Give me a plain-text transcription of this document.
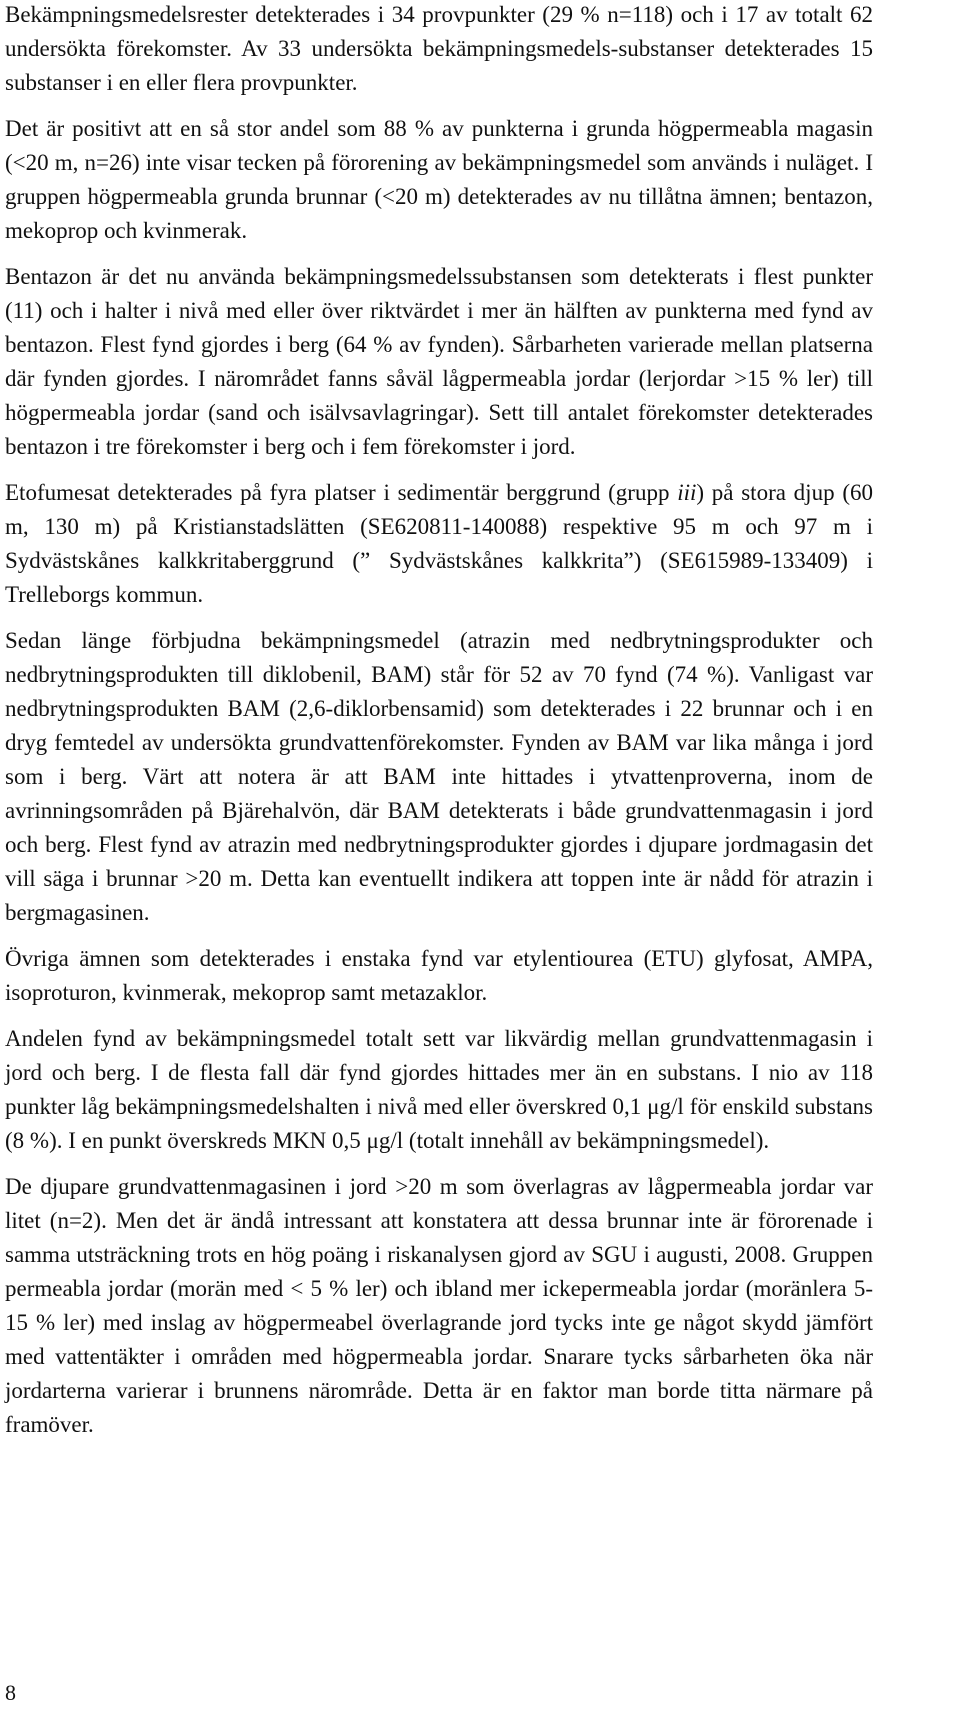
Bekämpningsmedelsrester detekterades i 34 provpunkter (29 % n=118) och i 17 av totalt 62 undersökta förekomster. Av 33 undersökta bekämpningsmedels-substanser detekterades 15 substanser i en eller flera provpunkter.

Det är positivt att en så stor andel som 88 % av punkterna i grunda högpermeabla magasin (<20 m, n=26) inte visar tecken på förorening av bekämpningsmedel som används i nuläget. I gruppen högpermeabla grunda brunnar (<20 m) detekterades av nu tillåtna ämnen; bentazon, mekoprop och kvinmerak.

Bentazon är det nu använda bekämpningsmedelssubstansen som detekterats i flest punkter (11) och i halter i nivå med eller över riktvärdet i mer än hälften av punkterna med fynd av bentazon. Flest fynd gjordes i berg (64 % av fynden). Sårbarheten varierade mellan platserna där fynden gjordes. I närområdet fanns såväl lågpermeabla jordar (lerjordar >15 % ler) till högpermeabla jordar (sand och isälvsavlagringar). Sett till antalet förekomster detekterades bentazon i tre förekomster i berg och i fem förekomster i jord.

Etofumesat detekterades på fyra platser i sedimentär berggrund (grupp iii) på stora djup (60 m, 130 m) på Kristianstadslätten (SE620811-140088) respektive 95 m och 97 m i Sydvästskånes kalkkritaberggrund (” Sydvästskånes kalkkrita”) (SE615989-133409) i Trelleborgs kommun.

Sedan länge förbjudna bekämpningsmedel (atrazin med nedbrytningsprodukter och nedbrytningsprodukten till diklobenil, BAM) står för 52 av 70 fynd (74 %). Vanligast var nedbrytningsprodukten BAM (2,6-diklorbensamid) som detekterades i 22 brunnar och i en dryg femtedel av undersökta grundvattenförekomster. Fynden av BAM var lika många i jord som i berg. Värt att notera är att BAM inte hittades i ytvattenproverna, inom de avrinningsområden på Bjärehalvön, där BAM detekterats i både grundvattenmagasin i jord och berg. Flest fynd av atrazin med nedbrytningsprodukter gjordes i djupare jordmagasin det vill säga i brunnar >20 m. Detta kan eventuellt indikera att toppen inte är nådd för atrazin i bergmagasinen.

Övriga ämnen som detekterades i enstaka fynd var etylentiourea (ETU) glyfosat, AMPA, isoproturon, kvinmerak, mekoprop samt metazaklor.

Andelen fynd av bekämpningsmedel totalt sett var likvärdig mellan grundvattenmagasin i jord och berg. I de flesta fall där fynd gjordes hittades mer än en substans. I nio av 118 punkter låg bekämpningsmedelshalten i nivå med eller överskred 0,1 μg/l för enskild substans (8 %). I en punkt överskreds MKN 0,5 μg/l (totalt innehåll av bekämpningsmedel).

De djupare grundvattenmagasinen i jord >20 m som överlagras av lågpermeabla jordar var litet (n=2). Men det är ändå intressant att konstatera att dessa brunnar inte är förorenade i samma utsträckning trots en hög poäng i riskanalysen gjord av SGU i augusti, 2008. Gruppen permeabla jordar (morän med < 5 % ler) och ibland mer ickepermeabla jordar (moränlera 5-15 % ler) med inslag av högpermeabel överlagrande jord tycks inte ge något skydd jämfört med vattentäkter i områden med högpermeabla jordar. Snarare tycks sårbarheten öka när jordarterna varierar i brunnens närområde. Detta är en faktor man borde titta närmare på framöver.

8
